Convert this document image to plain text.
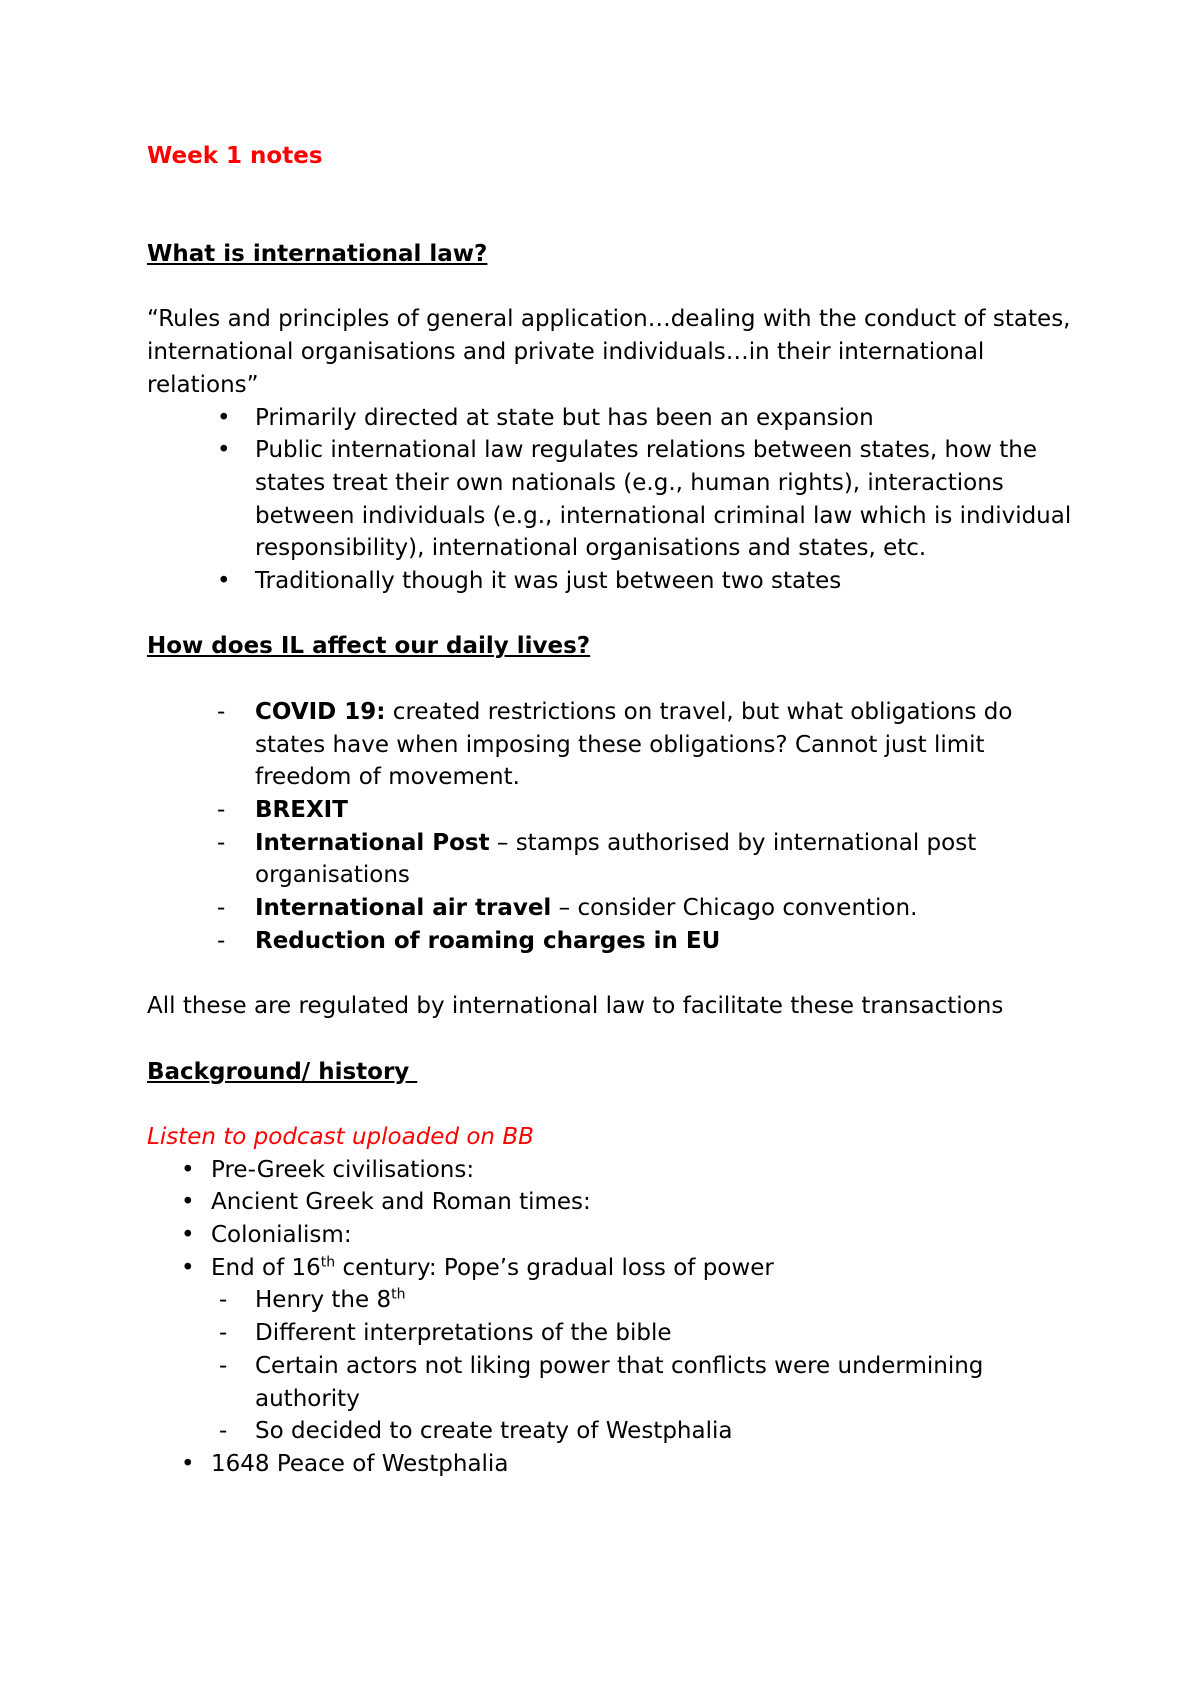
Week 1 notes

What is international law?

“Rules and principles of general application…dealing with the conduct of states, international organisations and private individuals…in their international relations”

• Primarily directed at state but has been an expansion
• Public international law regulates relations between states, how the states treat their own nationals (e.g., human rights), interactions between individuals (e.g., international criminal law which is individual responsibility), international organisations and states, etc.
• Traditionally though it was just between two states

How does IL affect our daily lives?

- COVID 19: created restrictions on travel, but what obligations do states have when imposing these obligations? Cannot just limit freedom of movement.
- BREXIT
- International Post – stamps authorised by international post organisations
- International air travel – consider Chicago convention.
- Reduction of roaming charges in EU

All these are regulated by international law to facilitate these transactions

Background/ history

Listen to podcast uploaded on BB

• Pre-Greek civilisations:
• Ancient Greek and Roman times:
• Colonialism:
• End of 16th century: Pope’s gradual loss of power
- Henry the 8th
- Different interpretations of the bible
- Certain actors not liking power that conflicts were undermining authority
- So decided to create treaty of Westphalia
• 1648 Peace of Westphalia
